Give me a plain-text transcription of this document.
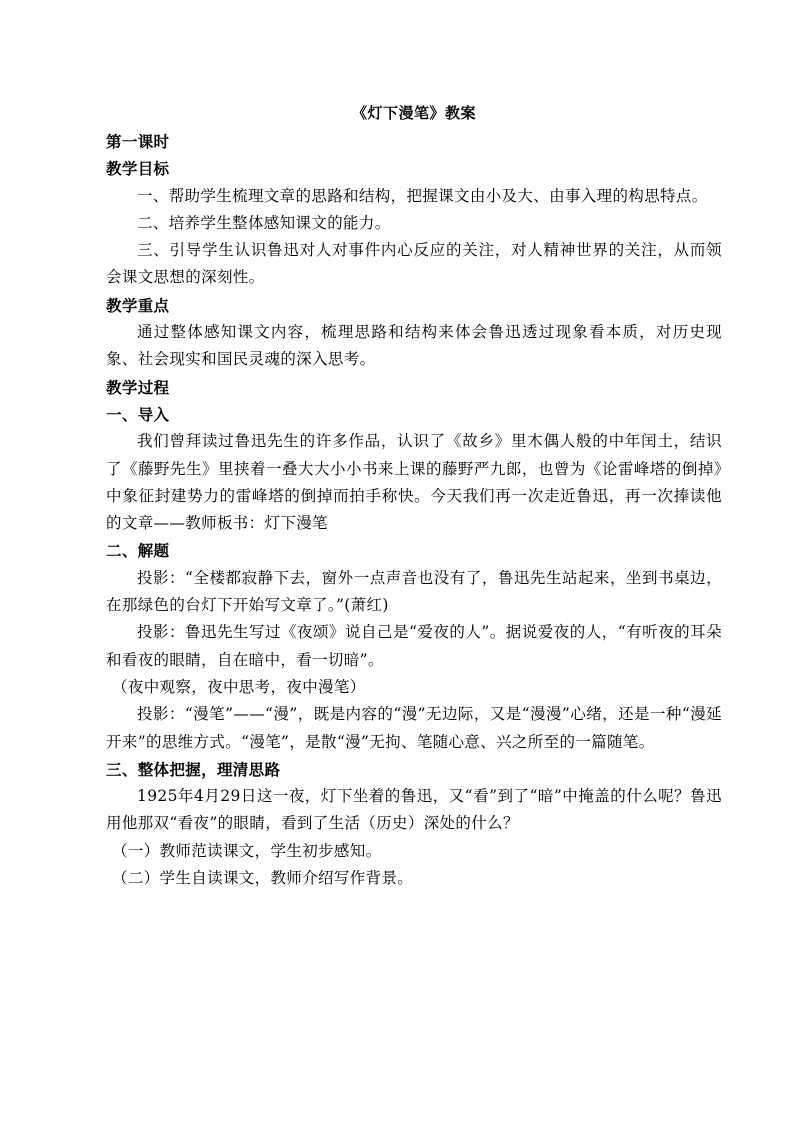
《灯下漫笔》教案

第一课时

教学目标

一、帮助学生梳理文章的思路和结构，把握课文由小及大、由事入理的构思特点。

二、培养学生整体感知课文的能力。

三、引导学生认识鲁迅对人对事件内心反应的关注，对人精神世界的关注，从而领会课文思想的深刻性。

教学重点

通过整体感知课文内容，梳理思路和结构来体会鲁迅透过现象看本质，对历史现象、社会现实和国民灵魂的深入思考。

教学过程

一、导入

我们曾拜读过鲁迅先生的许多作品，认识了《故乡》里木偶人般的中年闰土，结识了《藤野先生》里挟着一叠大大小小书来上课的藤野严九郎，也曾为《论雷峰塔的倒掉》中象征封建势力的雷峰塔的倒掉而拍手称快。今天我们再一次走近鲁迅，再一次捧读他的文章——教师板书：灯下漫笔

二、解题

投影：“全楼都寂静下去，窗外一点声音也没有了，鲁迅先生站起来，坐到书桌边，在那绿色的台灯下开始写文章了。”(萧红)

投影：鲁迅先生写过《夜颂》说自己是“爱夜的人”。据说爱夜的人，“有听夜的耳朵和看夜的眼睛，自在暗中，看一切暗”。

（夜中观察，夜中思考，夜中漫笔）

投影：“漫笔”——“漫”，既是内容的“漫”无边际，又是“漫漫”心绪，还是一种“漫延开来”的思维方式。“漫笔”，是散“漫”无拘、笔随心意、兴之所至的一篇随笔。

三、整体把握，理清思路

1925年4月29日这一夜，灯下坐着的鲁迅，又“看”到了“暗”中掩盖的什么呢？鲁迅用他那双“看夜”的眼睛，看到了生活（历史）深处的什么？

（一）教师范读课文，学生初步感知。

（二）学生自读课文，教师介绍写作背景。
